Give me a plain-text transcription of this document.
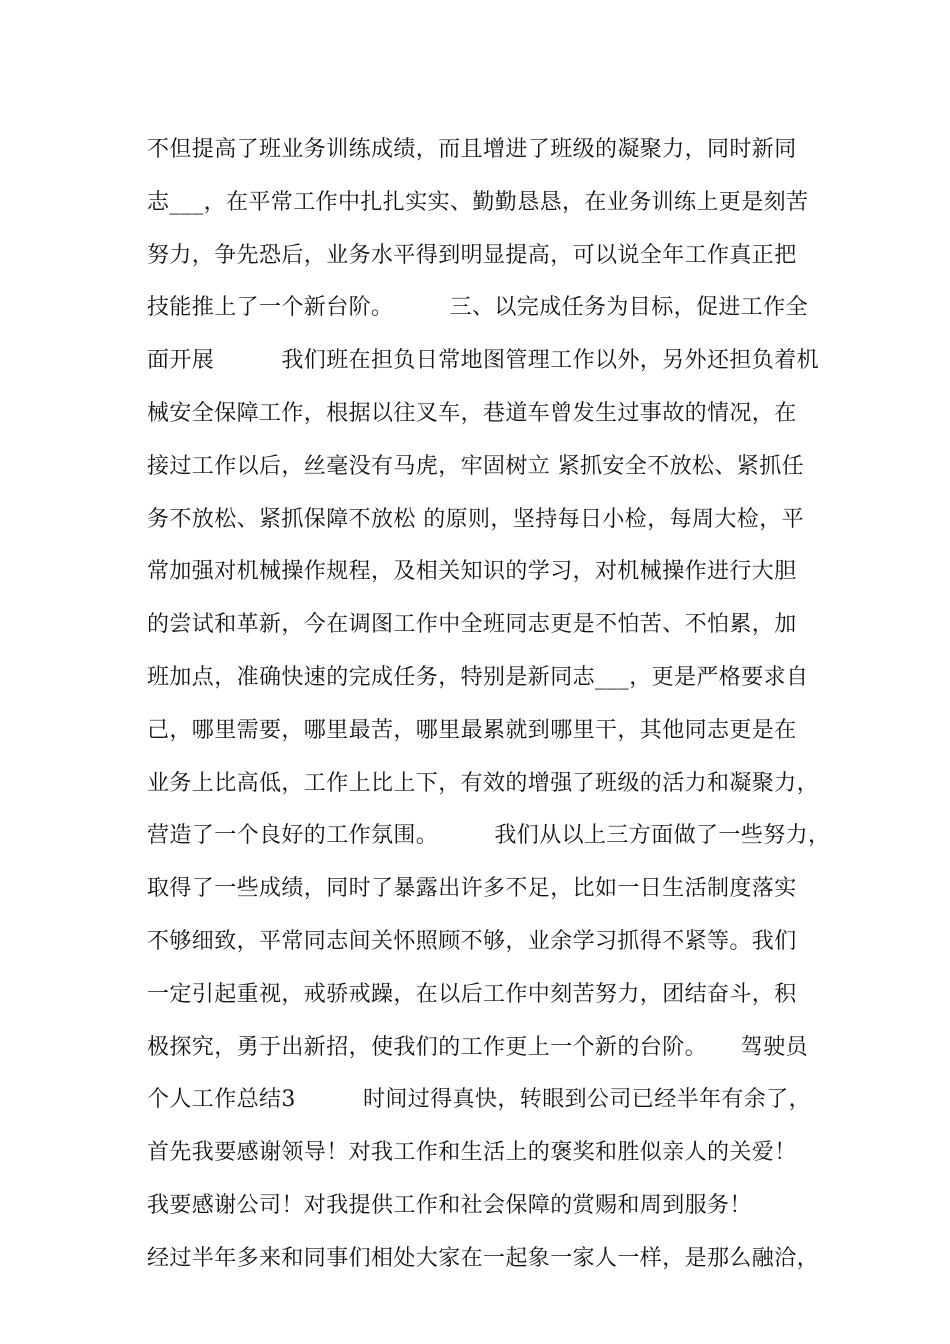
不但提高了班业务训练成绩，而且增进了班级的凝聚力，同时新同
志___，在平常工作中扎扎实实、勤勤恳恳，在业务训练上更是刻苦
努力，争先恐后，业务水平得到明显提高，可以说全年工作真正把
技能推上了一个新台阶。　　　三、以完成任务为目标，促进工作全
面开展　　　我们班在担负日常地图管理工作以外，另外还担负着机
械安全保障工作，根据以往叉车，巷道车曾发生过事故的情况，在
接过工作以后，丝毫没有马虎，牢固树立 紧抓安全不放松、紧抓任
务不放松、紧抓保障不放松 的原则，坚持每日小检，每周大检，平
常加强对机械操作规程，及相关知识的学习，对机械操作进行大胆
的尝试和革新，今在调图工作中全班同志更是不怕苦、不怕累，加
班加点，准确快速的完成任务，特别是新同志___，更是严格要求自
己，哪里需要，哪里最苦，哪里最累就到哪里干，其他同志更是在
业务上比高低，工作上比上下，有效的增强了班级的活力和凝聚力，
营造了一个良好的工作氛围。　　　我们从以上三方面做了一些努力，
取得了一些成绩，同时了暴露出许多不足，比如一日生活制度落实
不够细致，平常同志间关怀照顾不够，业余学习抓得不紧等。我们
一定引起重视，戒骄戒躁，在以后工作中刻苦努力，团结奋斗，积
极探究，勇于出新招，使我们的工作更上一个新的台阶。　　驾驶员
个人工作总结3　　　时间过得真快，转眼到公司已经半年有余了，
首先我要感谢领导！对我工作和生活上的褒奖和胜似亲人的关爱！
我要感谢公司！对我提供工作和社会保障的赏赐和周到服务！
经过半年多来和同事们相处大家在一起象一家人一样，是那么融洽，
